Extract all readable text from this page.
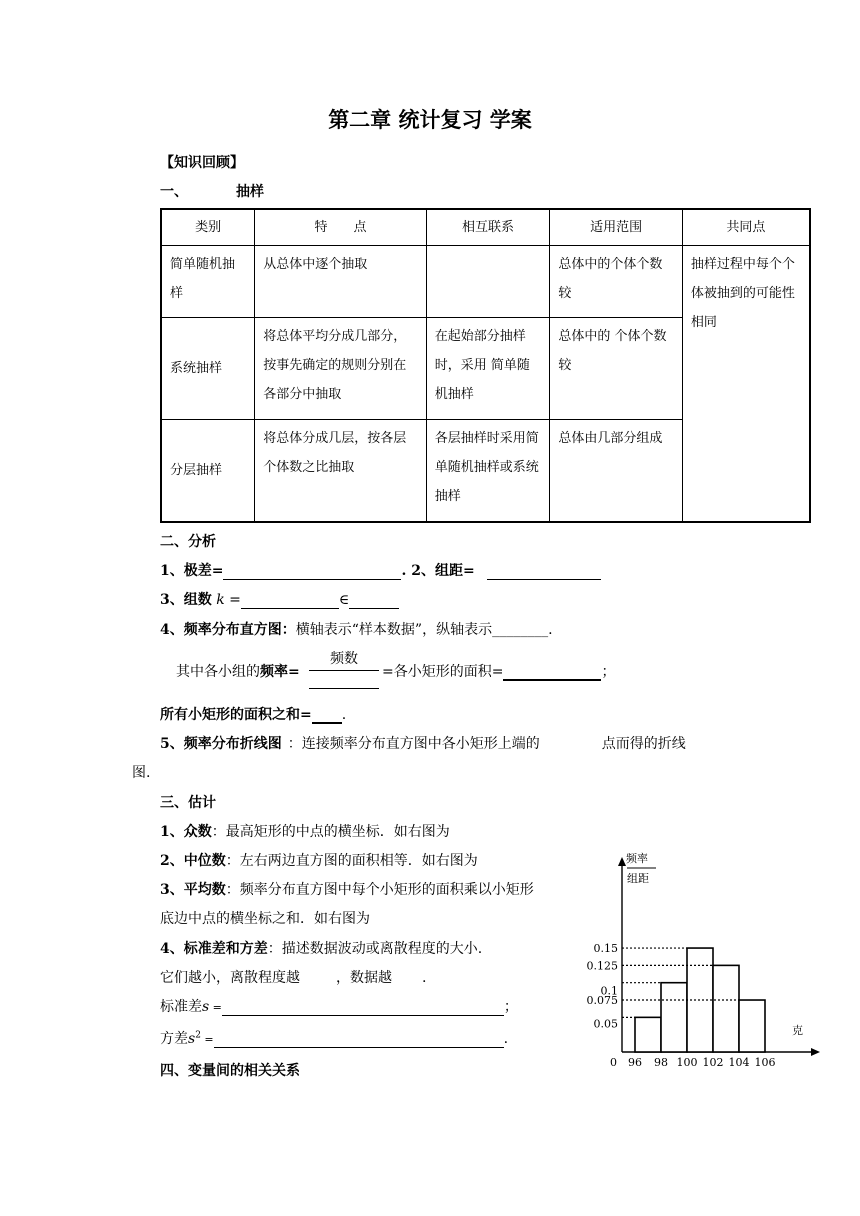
第二章 统计复习 学案
【知识回顾】
一、	抽样
类别	特　　点	相互联系	适用范围	共同点
简单随机抽样	从总体中逐个抽取		总体中的个体个数较	抽样过程中每个个体被抽到的可能性相同
系统抽样	将总体平均分成几部分，按事先确定的规则分别在各部分中抽取	在起始部分抽样时，采用 简单随机抽样	总体中的 个体个数较	
分层抽样	将总体分成几层，按各层个体数之比抽取	各层抽样时采用简单随机抽样或系统抽样	总体由几部分组成	
二、分析
1、极差=	. 2、组距=
3、组数 k =	∈
4、频率分布直方图：横轴表示“样本数据”，纵轴表示________.
其中各小组的频率=
频数
=各小矩形的面积=	；
所有小矩形的面积之和= .
5、频率分布折线图 ：连接频率分布直方图中各小矩形上端的	点而得的折线
图.
三、估计
1、众数：最高矩形的中点的横坐标．如右图为
2、中位数：左右两边直方图的面积相等．如右图为
3、平均数：频率分布直方图中每个小矩形的面积乘以小矩形
底边中点的横坐标之和．如右图为
4、标准差和方差：描述数据波动或离散程度的大小.
它们越小，离散程度越	，数据越 .
标准差s =	；
方差$s^2$ =	.
四、变量间的相关关系
频率
组距
克
0
0.05
0.075
0.1
0.125
0.15
96 98 100 102 104 106
